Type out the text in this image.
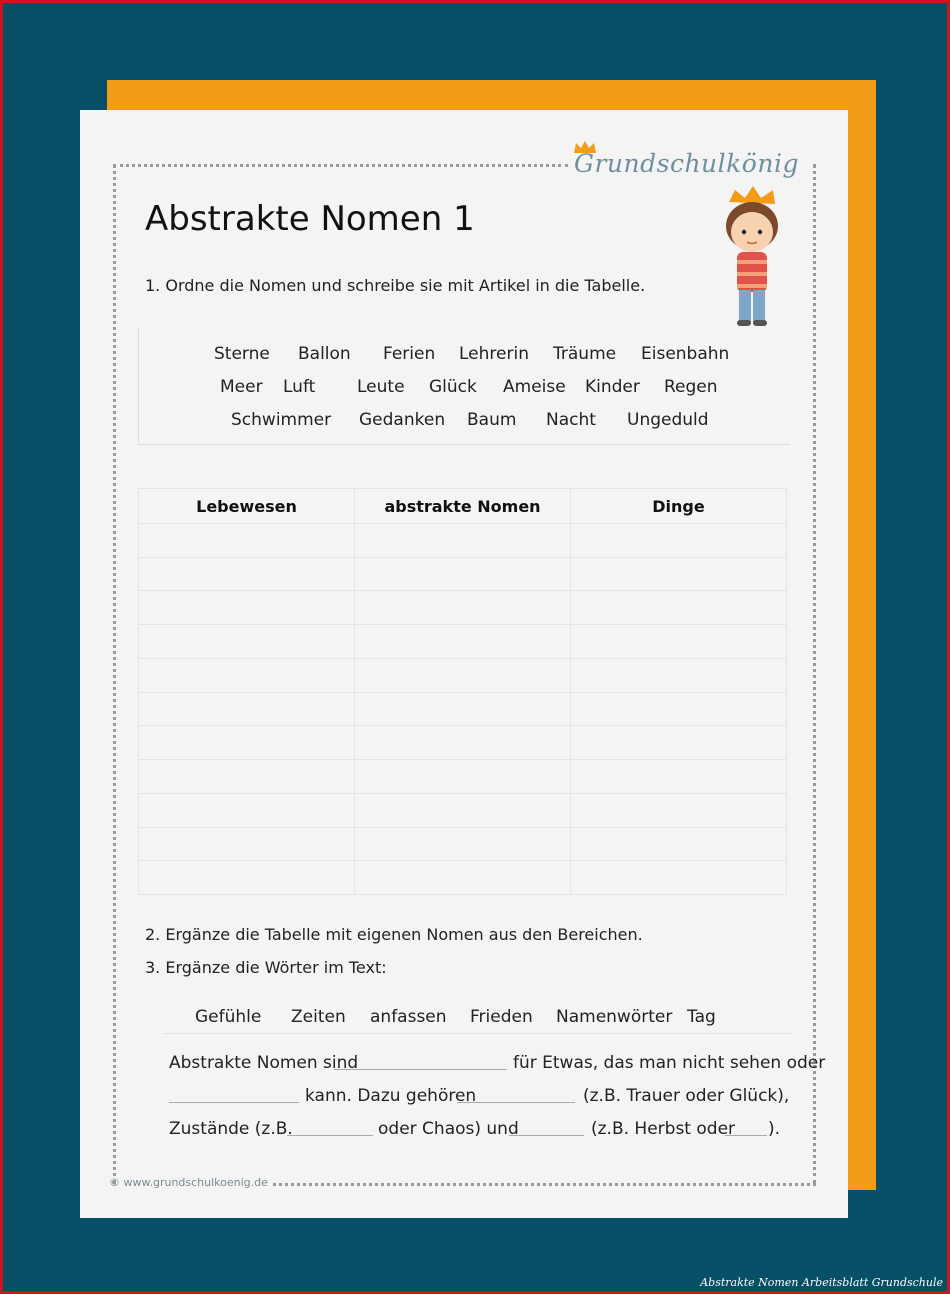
Grundschulkönig
Abstrakte Nomen 1
1. Ordne die Nomen und schreibe sie mit Artikel in die Tabelle.
Sterne Ballon Ferien Lehrerin Träume Eisenbahn
Meer Luft Leute Glück Ameise Kinder Regen
Schwimmer Gedanken Baum Nacht Ungeduld
Lebewesen	abstrakte Nomen	Dinge

2. Ergänze die Tabelle mit eigenen Nomen aus den Bereichen.
3. Ergänze die Wörter im Text:
Gefühle Zeiten anfassen Frieden Namenwörter Tag
Abstrakte Nomen sind	für Etwas, das man nicht sehen oder
kann. Dazu gehören	(z.B. Trauer oder Glück),
Zustände (z.B.	oder Chaos) und	(z.B. Herbst oder ).
© www.grundschulkoenig.de
Abstrakte Nomen Arbeitsblatt Grundschule
